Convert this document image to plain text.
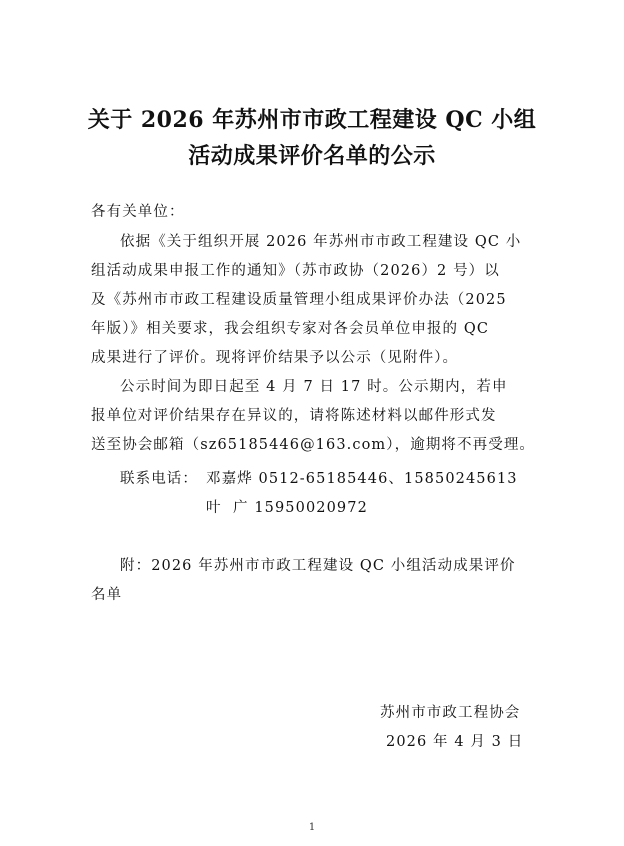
关于 2026 年苏州市市政工程建设 QC 小组
活动成果评价名单的公示
各有关单位：
依据《关于组织开展 2026 年苏州市市政工程建设 QC 小
组活动成果申报工作的通知》（苏市政协（2026）2 号）以
及《苏州市市政工程建设质量管理小组成果评价办法（2025
年版）》相关要求，我会组织专家对各会员单位申报的 QC
成果进行了评价。现将评价结果予以公示（见附件）。
公示时间为即日起至 4 月 7 日 17 时。公示期内，若申
报单位对评价结果存在异议的，请将陈述材料以邮件形式发
送至协会邮箱（sz65185446@163.com），逾期将不再受理。
联系电话： 邓嘉烨 0512-65185446、15850245613
叶  广 15950020972
附：2026 年苏州市市政工程建设 QC 小组活动成果评价
名单
苏州市市政工程协会
2026 年 4 月 3 日
1
